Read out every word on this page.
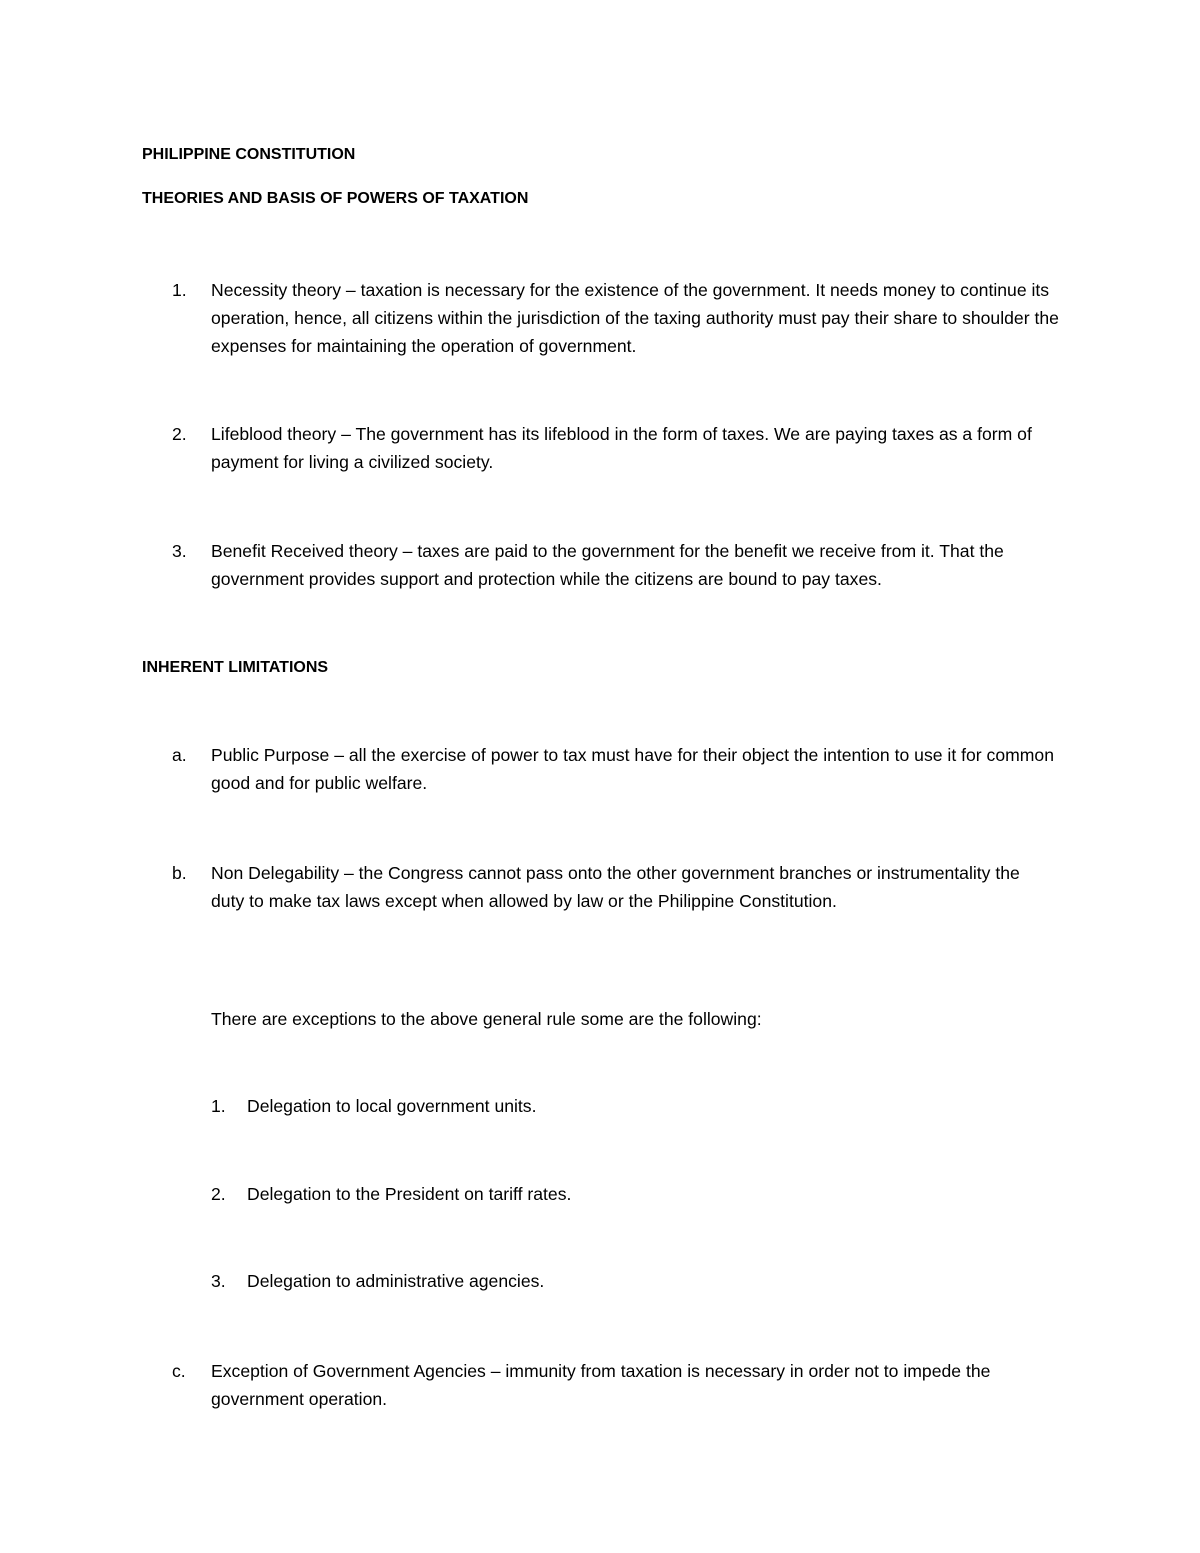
PHILIPPINE CONSTITUTION
THEORIES AND BASIS OF POWERS OF TAXATION
1. Necessity theory – taxation is necessary for the existence of the government. It needs money to continue its operation, hence, all citizens within the jurisdiction of the taxing authority must pay their share to shoulder the expenses for maintaining the operation of government.
2. Lifeblood theory – The government has its lifeblood in the form of taxes. We are paying taxes as a form of payment for living a civilized society.
3. Benefit Received theory – taxes are paid to the government for the benefit we receive from it. That the government provides support and protection while the citizens are bound to pay taxes.
INHERENT LIMITATIONS
a. Public Purpose – all the exercise of power to tax must have for their object the intention to use it for common good and for public welfare.
b. Non Delegability – the Congress cannot pass onto the other government branches or instrumentality the duty to make tax laws except when allowed by law or the Philippine Constitution.
There are exceptions to the above general rule some are the following:
1. Delegation to local government units.
2. Delegation to the President on tariff rates.
3. Delegation to administrative agencies.
c. Exception of Government Agencies – immunity from taxation is necessary in order not to impede the government operation.
